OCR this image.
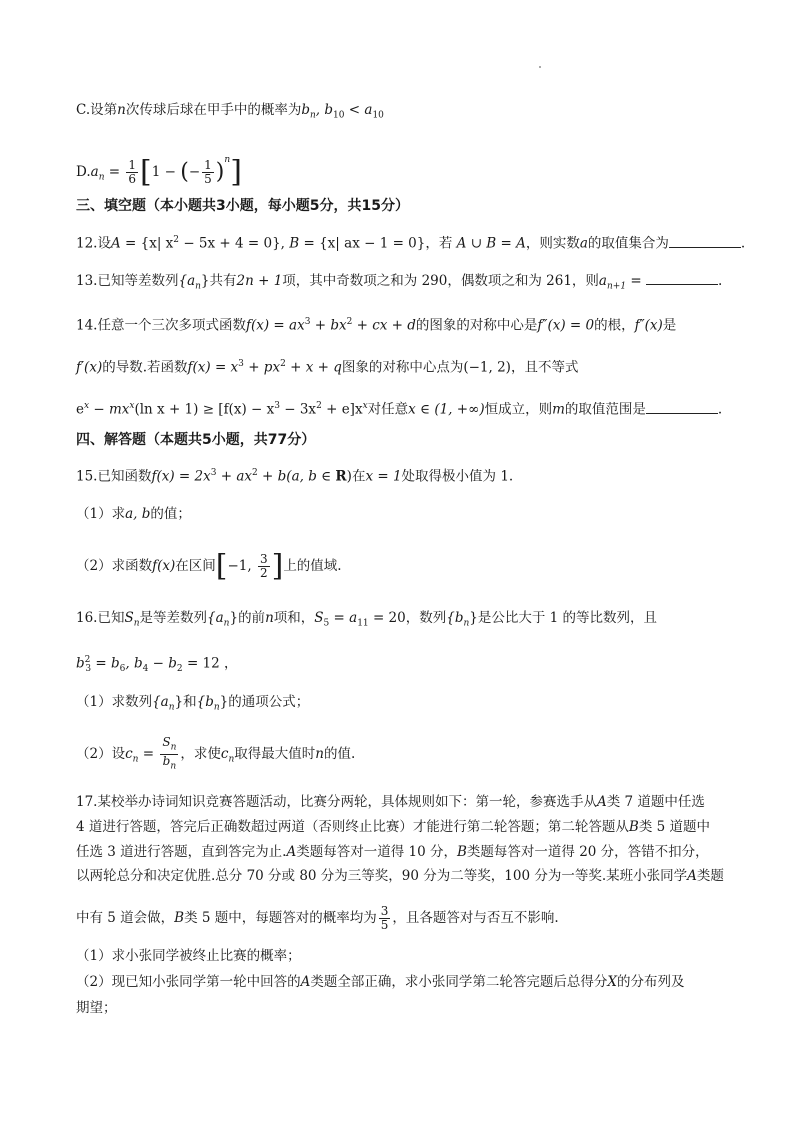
C.设第n次传球后球在甲手中的概率为$b_n$, $b_{10} < a_{10}$
$D.a_n = \frac{1}{6} [1$ − (− $\frac{1}{5} )^n$]
三、填空题（本小题共3小题，每小题5分，共15分）
12.设A = {x| $x^2 - 5x + 4 = 0$}, B = {x| ax − 1 = 0}，若 A ∪ B = A，则实数a的取值集合为	.
13.已知等差数列$\{a_n\}$共有2n + 1项，其中奇数项之和为 290，偶数项之和为 261，则$a_{n+1}$ =	.
14.任意一个三次多项式函数$f(x) = ax^3 + bx^2$ + cx + d的图象的对称中心是f″(x) = 0的根，f″(x)是
f′(x)的导数.若函数$f(x) = x^3 + px^2 + x + q$图象的对称中心点为(−1, 2)，且不等式
$e^x - mx^x(\ln$ $x + 1) \ge [f(x) - x^3 - 3x^2 + e]x^x$对任意x ∈ (1, +∞)恒成立，则m的取值范围是	.
四、解答题（本题共5小题，共77分）
15.已知函数$f(x) = 2x^3 + ax^2 + b(a$, b ∈ R)在x = 1处取得极小值为 1.
（1）求a, b的值；
（2）求函数f(x)在区间[−1, $\frac{3}{2}$ ]上的值域.
16.已知$S_n$是等差数列$\{a_n\}$的前n项和，$S_5 = a_{11} = 20$，数列$\{b_n\}$是公比大于 1 的等比数列，且
$b^2_3 = b_6$, $b_4 - b_2 = 12$ ，
（1）求数列$\{a_n\}$和$\{b_n\}$的通项公式；
（2）设$c_n = \frac{S_n}{b_n}$ ，求使$c_n$取得最大值时n的值.
17.某校举办诗词知识竞赛答题活动，比赛分两轮，具体规则如下：第一轮，参赛选手从A类 7 道题中任选
4 道进行答题，答完后正确数超过两道（否则终止比赛）才能进行第二轮答题；第二轮答题从B类 5 道题中
任选 3 道进行答题，直到答完为止.A类题每答对一道得 10 分，B类题每答对一道得 20 分，答错不扣分，
以两轮总分和决定优胜.总分 70 分或 80 分为三等奖，90 分为二等奖，100 分为一等奖.某班小张同学A类题
中有 5 道会做，B类 5 题中，每题答对的概率均为 $\frac{3}{5}$ ，且各题答对与否互不影响.
（1）求小张同学被终止比赛的概率；
（2）现已知小张同学第一轮中回答的A类题全部正确，求小张同学第二轮答完题后总得分X的分布列及
期望；
